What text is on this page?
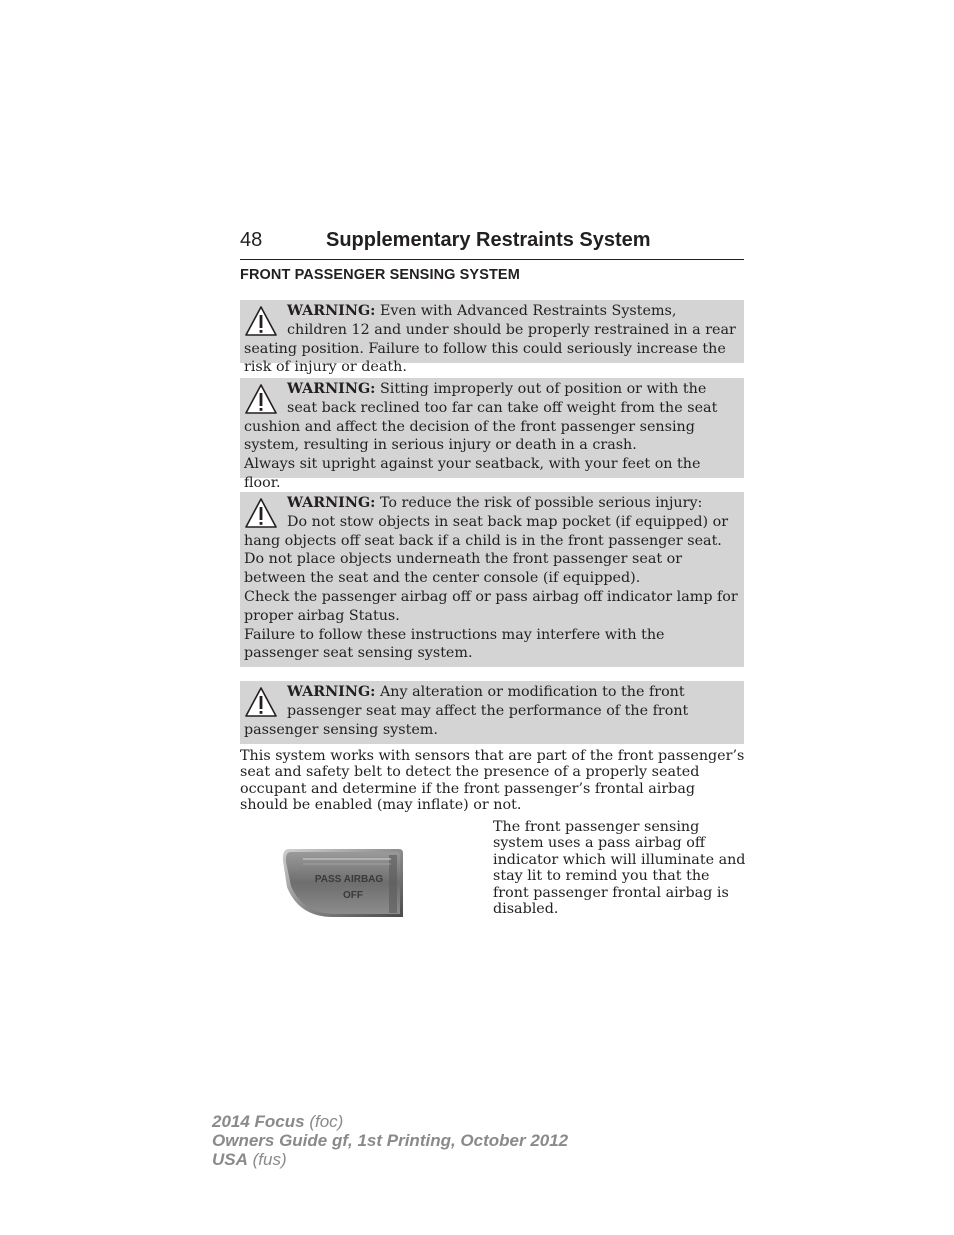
48	Supplementary Restraints System
FRONT PASSENGER SENSING SYSTEM

WARNING: Even with Advanced Restraints Systems, children 12 and under should be properly restrained in a rear seating position. Failure to follow this could seriously increase the risk of injury or death.

WARNING: Sitting improperly out of position or with the seat back reclined too far can take off weight from the seat cushion and affect the decision of the front passenger sensing system, resulting in serious injury or death in a crash.

Always sit upright against your seatback, with your feet on the floor.

WARNING: To reduce the risk of possible serious injury:

Do not stow objects in seat back map pocket (if equipped) or hang objects off seat back if a child is in the front passenger seat.

Do not place objects underneath the front passenger seat or between the seat and the center console (if equipped).

Check the passenger airbag off or pass airbag off indicator lamp for proper airbag Status.

Failure to follow these instructions may interfere with the passenger seat sensing system.

WARNING: Any alteration or modification to the front passenger seat may affect the performance of the front passenger sensing system.

This system works with sensors that are part of the front passenger’s seat and safety belt to detect the presence of a properly seated occupant and determine if the front passenger’s frontal airbag should be enabled (may inflate) or not.

PASS AIRBAG
OFF

The front passenger sensing system uses a pass airbag off indicator which will illuminate and stay lit to remind you that the front passenger frontal airbag is disabled.

2014 Focus (foc)
Owners Guide gf, 1st Printing, October 2012
USA (fus)
